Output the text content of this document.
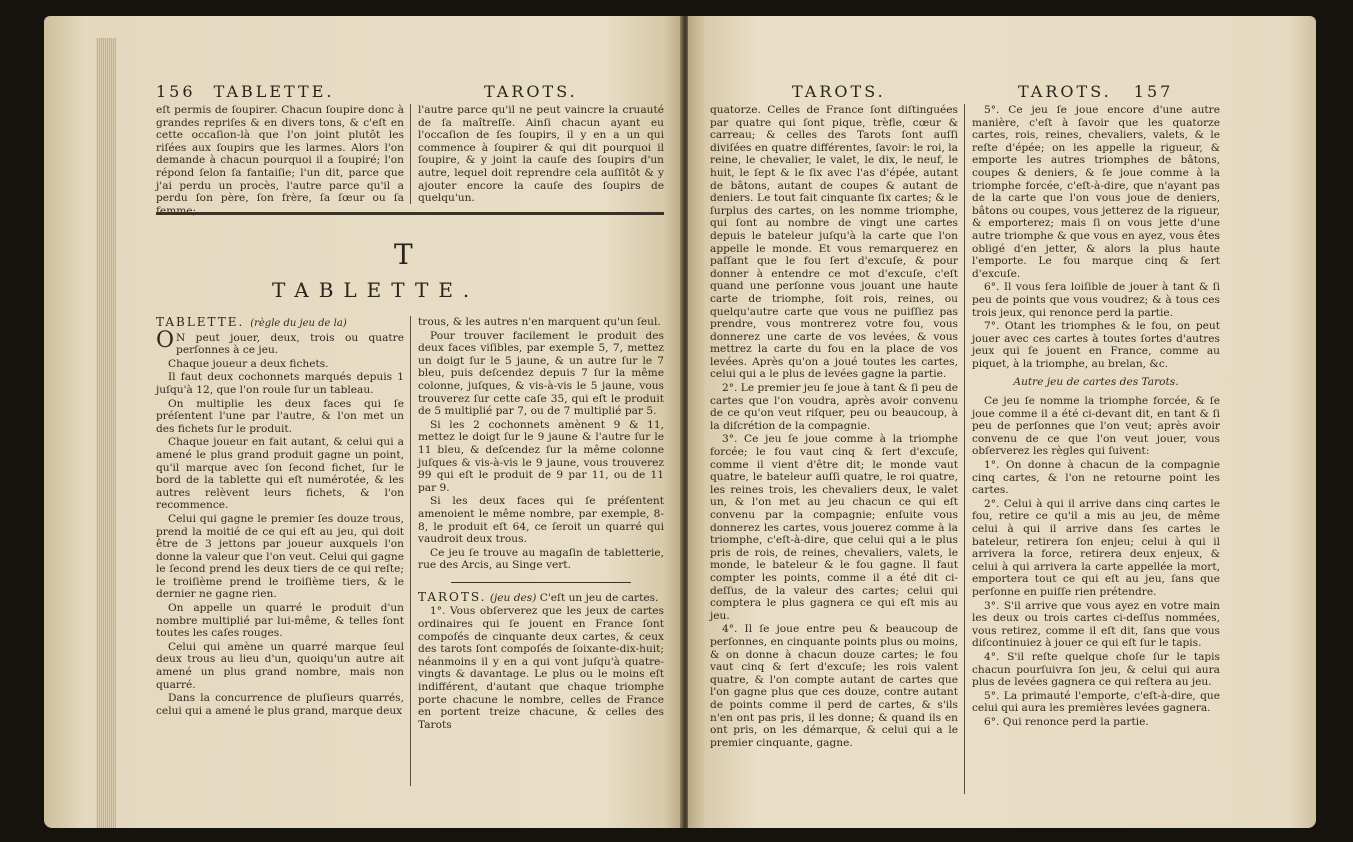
156 TABLETTE.	TAROTS.

eſt permis de ſoupirer. Chacun ſoupire donc à grandes repriſes & en divers tons, & c'eſt en cette occaſion-là que l'on joint plutôt les riſées aux ſoupirs que les larmes. Alors l'on demande à chacun pourquoi il a ſoupiré; l'on répond ſelon ſa fantaiſie; l'un dit, parce que j'ai perdu un procès, l'autre parce qu'il a perdu ſon père, ſon frère, ſa ſœur ou ſa femme;

l'autre parce qu'il ne peut vaincre la cruauté de ſa maîtreſſe. Ainſi chacun ayant eu l'occaſion de ſes ſoupirs, il y en a un qui commence à ſoupirer & qui dit pourquoi il ſoupire, & y joint la cauſe des ſoupirs d'un autre, lequel doit reprendre cela auſſitôt & y ajouter encore la cauſe des ſoupirs de quelqu'un.

T
TABLETTE.

TABLETTE. (règle du jeu de la)

O N peut jouer, deux, trois ou quatre perſonnes à ce jeu.

Chaque joueur a deux fichets.

Il faut deux cochonnets marqués depuis 1 juſqu'à 12, que l'on roule ſur un tableau.

On multiplie les deux faces qui ſe préſentent l'une par l'autre, & l'on met un des fichets ſur le produit.

Chaque joueur en fait autant, & celui qui a amené le plus grand produit gagne un point, qu'il marque avec ſon ſecond fichet, ſur le bord de la tablette qui eſt numérotée, & les autres relèvent leurs fichets, & l'on recommence.

Celui qui gagne le premier ſes douze trous, prend la moitié de ce qui eſt au jeu, qui doit être de 3 jettons par joueur auxquels l'on donne la valeur que l'on veut. Celui qui gagne le ſecond prend les deux tiers de ce qui reſte; le troiſième prend le troiſième tiers, & le dernier ne gagne rien.

On appelle un quarré le produit d'un nombre multiplié par lui-même, & telles ſont toutes les caſes rouges.

Celui qui amène un quarré marque ſeul deux trous au lieu d'un, quoiqu'un autre ait amené un plus grand nombre, mais non quarré.

Dans la concurrence de pluſieurs quarrés, celui qui a amené le plus grand, marque deux

trous, & les autres n'en marquent qu'un ſeul.

Pour trouver facilement le produit des deux faces viſibles, par exemple 5, 7, mettez un doigt ſur le 5 jaune, & un autre ſur le 7 bleu, puis deſcendez depuis 7 ſur la même colonne, juſques, & vis-à-vis le 5 jaune, vous trouverez ſur cette caſe 35, qui eſt le produit de 5 multiplié par 7, ou de 7 multiplié par 5.

Si les 2 cochonnets amènent 9 & 11, mettez le doigt ſur le 9 jaune & l'autre ſur le 11 bleu, & deſcendez ſur la même colonne juſques & vis-à-vis le 9 jaune, vous trouverez 99 qui eſt le produit de 9 par 11, ou de 11 par 9.

Si les deux faces qui ſe préſentent amenoient le même nombre, par exemple, 8-8, le produit eſt 64, ce ſeroit un quarré qui vaudroit deux trous.

Ce jeu ſe trouve au magaſin de tabletterie, rue des Arcis, au Singe vert.

TAROTS. (jeu des) C'eſt un jeu de cartes.

1°. Vous obſerverez que les jeux de cartes ordinaires qui ſe jouent en France ſont compoſés de cinquante deux cartes, & ceux des tarots ſont compoſés de ſoixante-dix-huit; néanmoins il y en a qui vont juſqu'à quatre-vingts & davantage. Le plus ou le moins eſt indifférent, d'autant que chaque triomphe porte chacune le nombre, celles de France en portent treize chacune, & celles des Tarots

TAROTS.	TAROTS. 157

quatorze. Celles de France ſont diſtinguées par quatre qui ſont pique, trèfle, cœur & carreau; & celles des Tarots ſont auſſi diviſées en quatre différentes, ſavoir: le roi, la reine, le chevalier, le valet, le dix, le neuf, le huit, le ſept & le ſix avec l'as d'épée, autant de bâtons, autant de coupes & autant de deniers. Le tout fait cinquante ſix cartes; & le ſurplus des cartes, on les nomme triomphe, qui ſont au nombre de vingt une cartes depuis le bateleur juſqu'à la carte que l'on appelle le monde. Et vous remarquerez en paſſant que le fou ſert d'excuſe, & pour donner à entendre ce mot d'excuſe, c'eſt quand une perſonne vous jouant une haute carte de triomphe, ſoit rois, reines, ou quelqu'autre carte que vous ne puiſſiez pas prendre, vous montrerez votre fou, vous donnerez une carte de vos levées, & vous mettrez la carte du fou en la place de vos levées. Après qu'on a joué toutes les cartes, celui qui a le plus de levées gagne la partie.

2°. Le premier jeu ſe joue à tant & ſi peu de cartes que l'on voudra, après avoir convenu de ce qu'on veut riſquer, peu ou beaucoup, à la diſcrétion de la compagnie.

3°. Ce jeu ſe joue comme à la triomphe forcée; le fou vaut cinq & ſert d'excuſe, comme il vient d'être dit; le monde vaut quatre, le bateleur auſſi quatre, le roi quatre, les reines trois, les chevaliers deux, le valet un, & l'on met au jeu chacun ce qui eſt convenu par la compagnie; enſuite vous donnerez les cartes, vous jouerez comme à la triomphe, c'eſt-à-dire, que celui qui a le plus pris de rois, de reines, chevaliers, valets, le monde, le bateleur & le fou gagne. Il faut compter les points, comme il a été dit ci-deſſus, de la valeur des cartes; celui qui comptera le plus gagnera ce qui eſt mis au jeu.

4°. Il ſe joue entre peu & beaucoup de perſonnes, en cinquante points plus ou moins, & on donne à chacun douze cartes; le fou vaut cinq & ſert d'excuſe; les rois valent quatre, & l'on compte autant de cartes que l'on gagne plus que ces douze, contre autant de points comme il perd de cartes, & s'ils n'en ont pas pris, il les donne; & quand ils en ont pris, on les démarque, & celui qui a le premier cinquante, gagne.

5°. Ce jeu ſe joue encore d'une autre manière, c'eſt à ſavoir que les quatorze cartes, rois, reines, chevaliers, valets, & le reſte d'épée; on les appelle la rigueur, & emporte les autres triomphes de bâtons, coupes & deniers, & ſe joue comme à la triomphe forcée, c'eſt-à-dire, que n'ayant pas de la carte que l'on vous joue de deniers, bâtons ou coupes, vous jetterez de la rigueur, & emporterez; mais ſi on vous jette d'une autre triomphe & que vous en ayez, vous êtes obligé d'en jetter, & alors la plus haute l'emporte. Le fou marque cinq & ſert d'excuſe.

6°. Il vous ſera loiſible de jouer à tant & ſi peu de points que vous voudrez; & à tous ces trois jeux, qui renonce perd la partie.

7°. Otant les triomphes & le fou, on peut jouer avec ces cartes à toutes ſortes d'autres jeux qui ſe jouent en France, comme au piquet, à la triomphe, au brelan, &c.

Autre jeu de cartes des Tarots.

Ce jeu ſe nomme la triomphe forcée, & ſe joue comme il a été ci-devant dit, en tant & ſi peu de perſonnes que l'on veut; après avoir convenu de ce que l'on veut jouer, vous obſerverez les règles qui ſuivent:

1°. On donne à chacun de la compagnie cinq cartes, & l'on ne retourne point les cartes.

2°. Celui à qui il arrive dans cinq cartes le fou, retire ce qu'il a mis au jeu, de même celui à qui il arrive dans ſes cartes le bateleur, retirera ſon enjeu; celui à qui il arrivera la force, retirera deux enjeux, & celui à qui arrivera la carte appellée la mort, emportera tout ce qui eſt au jeu, ſans que perſonne en puiſſe rien prétendre.

3°. S'il arrive que vous ayez en votre main les deux ou trois cartes ci-deſſus nommées, vous retirez, comme il eſt dit, ſans que vous diſcontinuiez à jouer ce qui eſt ſur le tapis.

4°. S'il reſte quelque choſe ſur le tapis chacun pourſuivra ſon jeu, & celui qui aura plus de levées gagnera ce qui reſtera au jeu.

5°. La primauté l'emporte, c'eſt-à-dire, que celui qui aura les premières levées gagnera.

6°. Qui renonce perd la partie.
